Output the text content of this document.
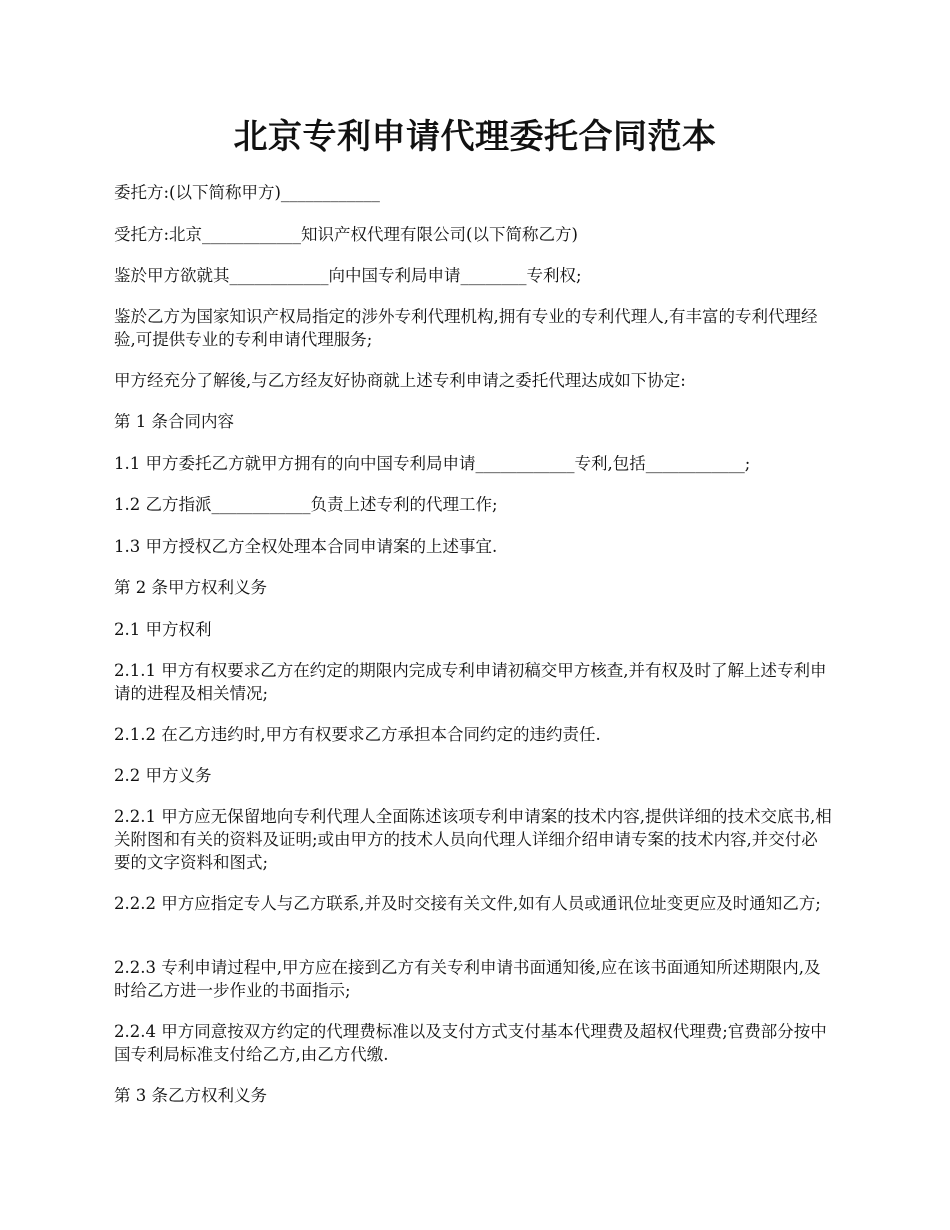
北京专利申请代理委托合同范本

委托方:(以下简称甲方)____________

受托方:北京____________知识产权代理有限公司(以下简称乙方)

鉴於甲方欲就其____________向中国专利局申请________专利权;

鉴於乙方为国家知识产权局指定的涉外专利代理机构,拥有专业的专利代理人,有丰富的专利代理经验,可提供专业的专利申请代理服务;

甲方经充分了解後,与乙方经友好协商就上述专利申请之委托代理达成如下协定:

第 1 条合同内容

1.1 甲方委托乙方就甲方拥有的向中国专利局申请____________专利,包括____________;

1.2 乙方指派____________负责上述专利的代理工作;

1.3 甲方授权乙方全权处理本合同申请案的上述事宜.

第 2 条甲方权利义务

2.1 甲方权利

2.1.1 甲方有权要求乙方在约定的期限内完成专利申请初稿交甲方核查,并有权及时了解上述专利申请的进程及相关情况;

2.1.2 在乙方违约时,甲方有权要求乙方承担本合同约定的违约责任.

2.2 甲方义务

2.2.1 甲方应无保留地向专利代理人全面陈述该项专利申请案的技术内容,提供详细的技术交底书,相关附图和有关的资料及证明;或由甲方的技术人员向代理人详细介绍申请专案的技术内容,并交付必要的文字资料和图式;

2.2.2 甲方应指定专人与乙方联系,并及时交接有关文件,如有人员或通讯位址变更应及时通知乙方;

2.2.3 专利申请过程中,甲方应在接到乙方有关专利申请书面通知後,应在该书面通知所述期限内,及时给乙方进一步作业的书面指示;

2.2.4 甲方同意按双方约定的代理费标准以及支付方式支付基本代理费及超权代理费;官费部分按中国专利局标准支付给乙方,由乙方代缴.

第 3 条乙方权利义务
